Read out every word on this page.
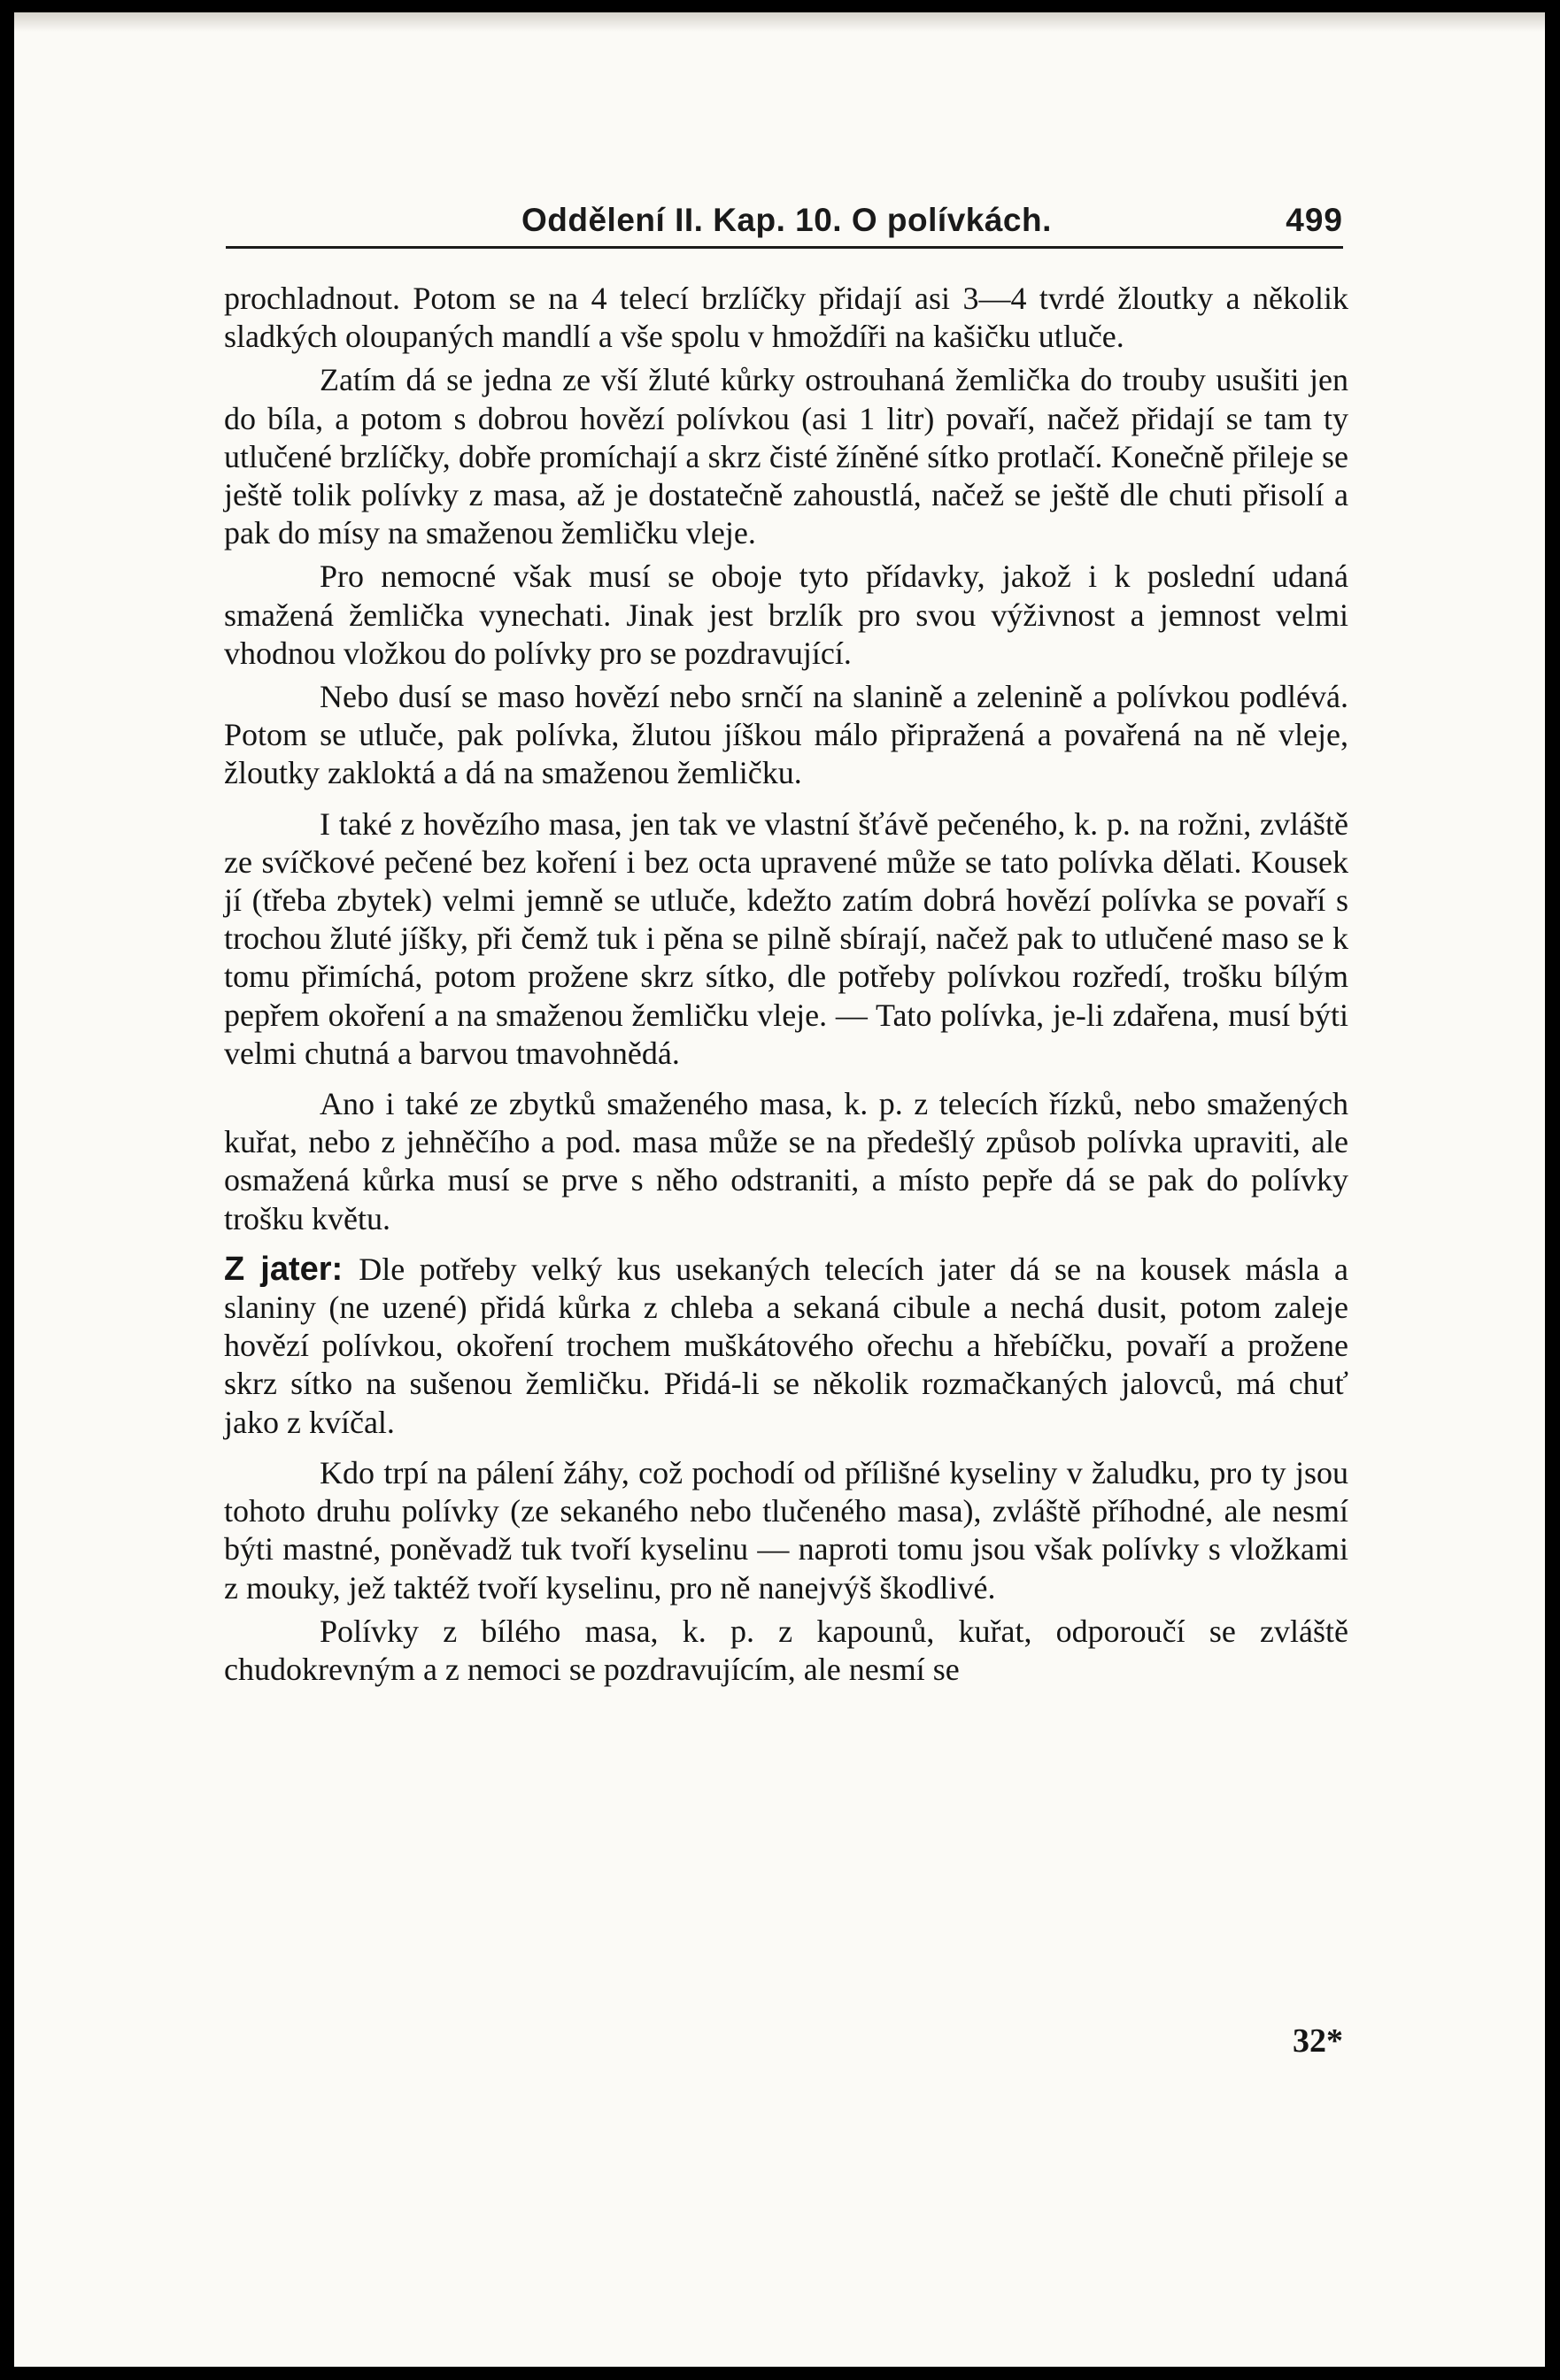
Oddělení II. Kap. 10. O polívkách.	499

prochladnout. Potom se na 4 telecí brzlíčky přidají asi 3—4 tvrdé žloutky a několik sladkých oloupaných mandlí a vše spolu v hmoždíři na kašičku utluče.

Zatím dá se jedna ze vší žluté kůrky ostrouhaná žemlička do trouby usušiti jen do bíla, a potom s dobrou hovězí polívkou (asi 1 litr) povaří, načež přidají se tam ty utlučené brzlíčky, dobře promíchají a skrz čisté žíněné sítko protlačí. Konečně přileje se ještě tolik polívky z masa, až je dostatečně zahoustlá, načež se ještě dle chuti přisolí a pak do mísy na smaženou žemličku vleje.

Pro nemocné však musí se oboje tyto přídavky, jakož i k poslední udaná smažená žemlička vynechati. Jinak jest brzlík pro svou výživnost a jemnost velmi vhodnou vložkou do polívky pro se pozdravující.

Nebo dusí se maso hovězí nebo srnčí na slanině a zelenině a polívkou podlévá. Potom se utluče, pak polívka, žlutou jíškou málo připražená a povařená na ně vleje, žloutky zakloktá a dá na smaženou žemličku.

I také z hovězího masa, jen tak ve vlastní šťávě pečeného, k. p. na rožni, zvláště ze svíčkové pečené bez koření i bez octa upravené může se tato polívka dělati. Kousek jí (třeba zbytek) velmi jemně se utluče, kdežto zatím dobrá hovězí polívka se povaří s trochou žluté jíšky, při čemž tuk i pěna se pilně sbírají, načež pak to utlučené maso se k tomu přimíchá, potom prožene skrz sítko, dle potřeby polívkou rozředí, trošku bílým pepřem okoření a na smaženou žemličku vleje. — Tato polívka, je-li zdařena, musí býti velmi chutná a barvou tmavohnědá.

Ano i také ze zbytků smaženého masa, k. p. z telecích řízků, nebo smažených kuřat, nebo z jehněčího a pod. masa může se na předešlý způsob polívka upraviti, ale osmažená kůrka musí se prve s něho odstraniti, a místo pepře dá se pak do polívky trošku květu.

Z jater: Dle potřeby velký kus usekaných telecích jater dá se na kousek másla a slaniny (ne uzené) přidá kůrka z chleba a sekaná cibule a nechá dusit, potom zaleje hovězí polívkou, okoření trochem muškátového ořechu a hřebíčku, povaří a prožene skrz sítko na sušenou žemličku. Přidá-li se několik rozmačkaných jalovců, má chuť jako z kvíčal.

Kdo trpí na pálení žáhy, což pochodí od přílišné kyseliny v žaludku, pro ty jsou tohoto druhu polívky (ze sekaného nebo tlučeného masa), zvláště příhodné, ale nesmí býti mastné, poněvadž tuk tvoří kyselinu — naproti tomu jsou však polívky s vložkami z mouky, jež taktéž tvoří kyselinu, pro ně nanejvýš škodlivé.

Polívky z bílého masa, k. p. z kapounů, kuřat, odporoučí se zvláště chudokrevným a z nemoci se pozdravujícím, ale nesmí se

32*
